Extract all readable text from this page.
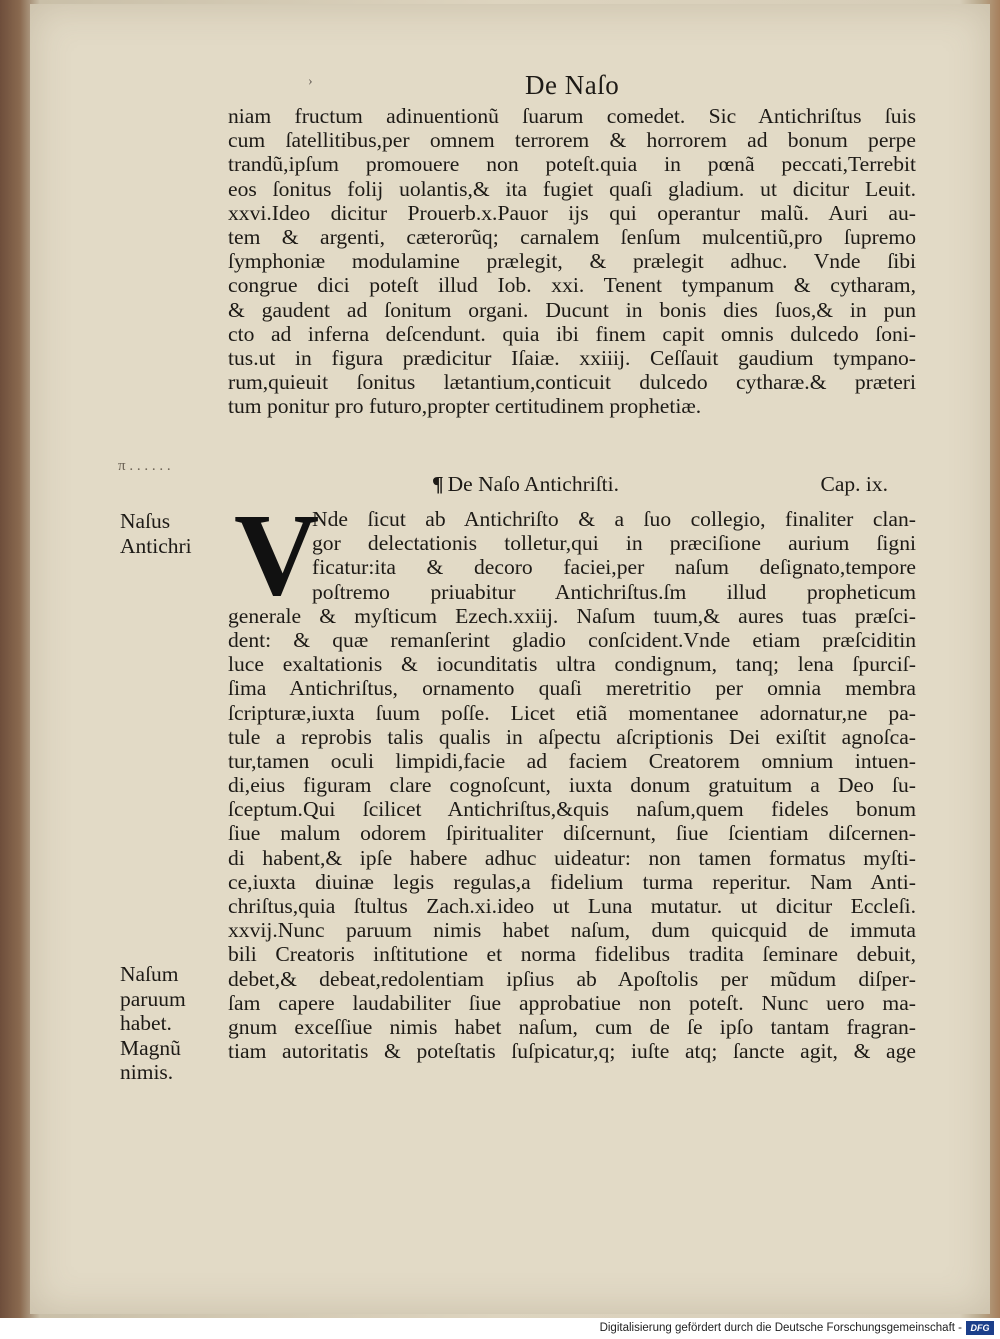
›	De Naſo
niam fructum adinuentionũ ſuarum comedet. Sic Antichriſtus ſuis
cum ſatellitibus,per omnem terrorem & horrorem ad bonum perpe
trandũ,ipſum promouere non poteſt.quia in pœnã peccati,Terrebit
eos ſonitus folij uolantis,& ita fugiet quaſi gladium. ut dicitur Leuit.
xxvi.Ideo dicitur Prouerb.x.Pauor ijs qui operantur malũ. Auri au‑
tem & argenti, cæterorũq; carnalem ſenſum mulcentiũ,pro ſupremo
ſymphoniæ modulamine prælegit, & prælegit adhuc. Vnde ſibi
congrue dici poteſt illud Iob. xxi. Tenent tympanum & cytharam,
& gaudent ad ſonitum organi. Ducunt in bonis dies ſuos,& in pun
cto ad inferna deſcendunt. quia ibi finem capit omnis dulcedo ſoni‑
tus.ut in figura prædicitur Iſaiæ. xxiiij. Ceſſauit gaudium tympano‑
rum,quieuit ſonitus lætantium,conticuit dulcedo cytharæ.& præteri
tum ponitur pro futuro,propter certitudinem prophetiæ.
π . . . . . .
¶ De Naſo Antichriſti.	Cap. ix.
V
Nde ſicut ab Antichriſto & a ſuo collegio, finaliter clan‑
gor delectationis tolletur,qui in præciſione aurium ſigni
ficatur:ita & decoro faciei,per naſum deſignato,tempore
poſtremo priuabitur Antichriſtus.ſm illud propheticum
generale & myſticum Ezech.xxiij. Naſum tuum,& aures tuas præſci‑
dent: & quæ remanſerint gladio conſcident.Vnde etiam præſciditin
luce exaltationis & iocunditatis ultra condignum, tanq; lena ſpurciſ‑
ſima Antichriſtus, ornamento quaſi meretritio per omnia membra
ſcripturæ,iuxta ſuum poſſe. Licet etiã momentanee adornatur,ne pa‑
tule a reprobis talis qualis in aſpectu aſcriptionis Dei exiſtit agnoſca‑
tur,tamen oculi limpidi,facie ad faciem Creatorem omnium intuen‑
di,eius figuram clare cognoſcunt, iuxta donum gratuitum a Deo ſu‑
ſceptum.Qui ſcilicet Antichriſtus,&quis naſum,quem fideles bonum
ſiue malum odorem ſpiritualiter diſcernunt, ſiue ſcientiam diſcernen‑
di habent,& ipſe habere adhuc uideatur: non tamen formatus myſti‑
ce,iuxta diuinæ legis regulas,a fidelium turma reperitur. Nam Anti‑
chriſtus,quia ſtultus Zach.xi.ideo ut Luna mutatur. ut dicitur Eccleſi.
xxvij.Nunc paruum nimis habet naſum, dum quicquid de immuta
bili Creatoris inſtitutione et norma fidelibus tradita ſeminare debuit,
debet,& debeat,redolentiam ipſius ab Apoſtolis per mũdum diſper‑
ſam capere laudabiliter ſiue approbatiue non poteſt. Nunc uero ma‑
gnum exceſſiue nimis habet naſum, cum de ſe ipſo tantam fragran‑
tiam autoritatis & poteſtatis ſuſpicatur,q; iuſte atq; ſancte agit, & age
Naſus
Antichri
Naſum
paruum
habet.
Magnũ
nimis.
Digitalisierung gefördert durch die Deutsche Forschungsgemeinschaft - DFG
